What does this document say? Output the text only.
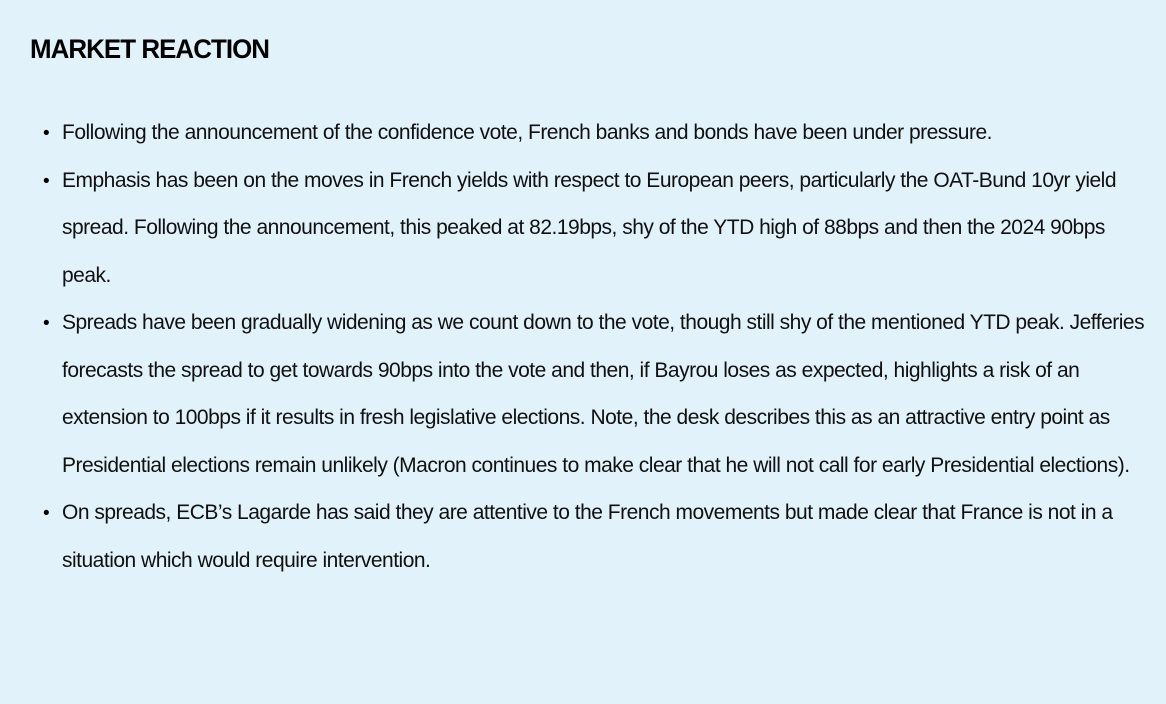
MARKET REACTION
•
Following the announcement of the confidence vote, French banks and bonds have been under pressure.
•
Emphasis has been on the moves in French yields with respect to European peers, particularly the OAT-Bund 10yr yield spread. Following the announcement, this peaked at 82.19bps, shy of the YTD high of 88bps and then the 2024 90bps peak.
•
Spreads have been gradually widening as we count down to the vote, though still shy of the mentioned YTD peak. Jefferies forecasts the spread to get towards 90bps into the vote and then, if Bayrou loses as expected, highlights a risk of an extension to 100bps if it results in fresh legislative elections. Note, the desk describes this as an attractive entry point as Presidential elections remain unlikely (Macron continues to make clear that he will not call for early Presidential elections).
•
On spreads, ECB’s Lagarde has said they are attentive to the French movements but made clear that France is not in a situation which would require intervention.
